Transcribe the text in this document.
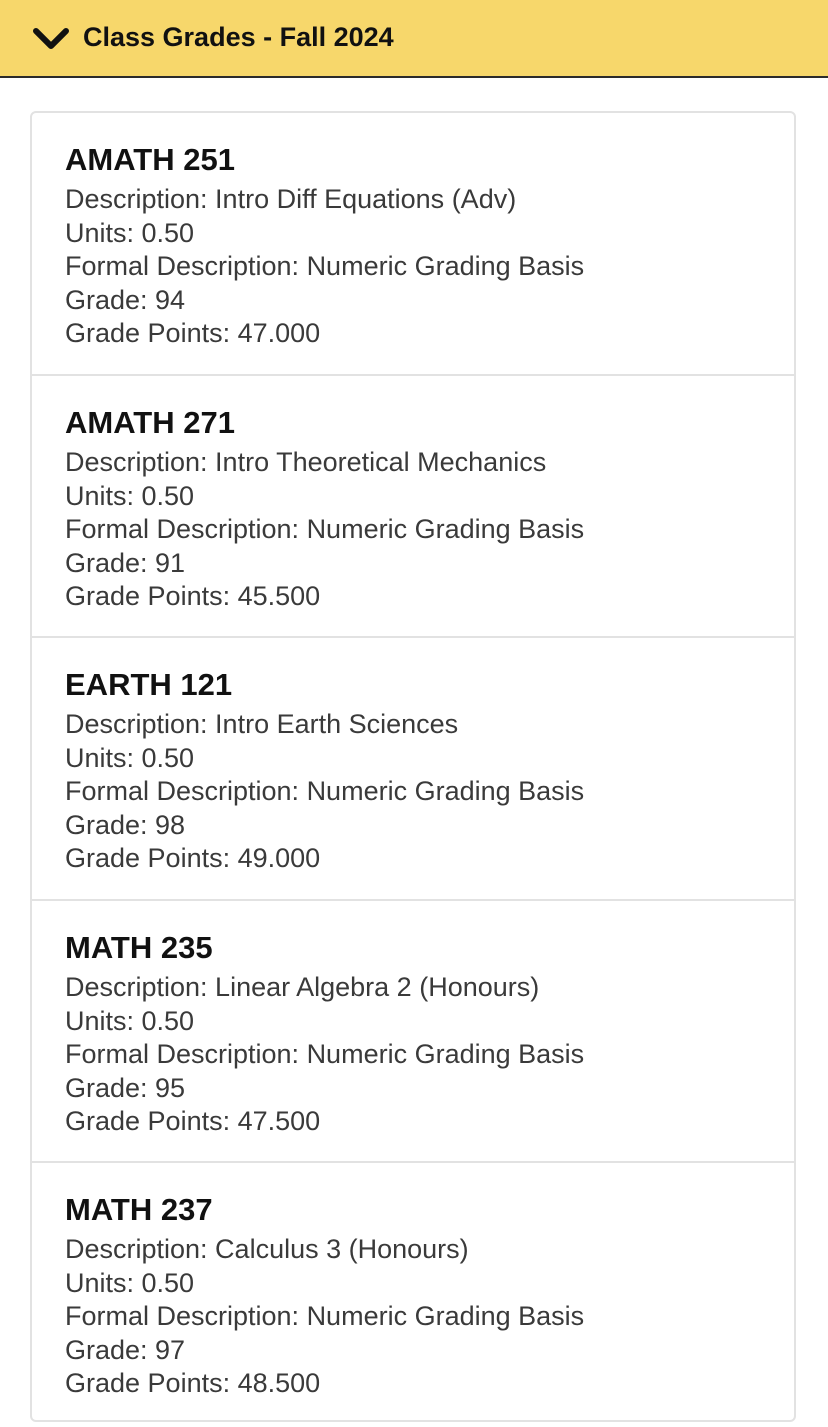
Class Grades - Fall 2024
AMATH 251
Description: Intro Diff Equations (Adv)
Units: 0.50
Formal Description: Numeric Grading Basis
Grade: 94
Grade Points: 47.000
AMATH 271
Description: Intro Theoretical Mechanics
Units: 0.50
Formal Description: Numeric Grading Basis
Grade: 91
Grade Points: 45.500
EARTH 121
Description: Intro Earth Sciences
Units: 0.50
Formal Description: Numeric Grading Basis
Grade: 98
Grade Points: 49.000
MATH 235
Description: Linear Algebra 2 (Honours)
Units: 0.50
Formal Description: Numeric Grading Basis
Grade: 95
Grade Points: 47.500
MATH 237
Description: Calculus 3 (Honours)
Units: 0.50
Formal Description: Numeric Grading Basis
Grade: 97
Grade Points: 48.500
